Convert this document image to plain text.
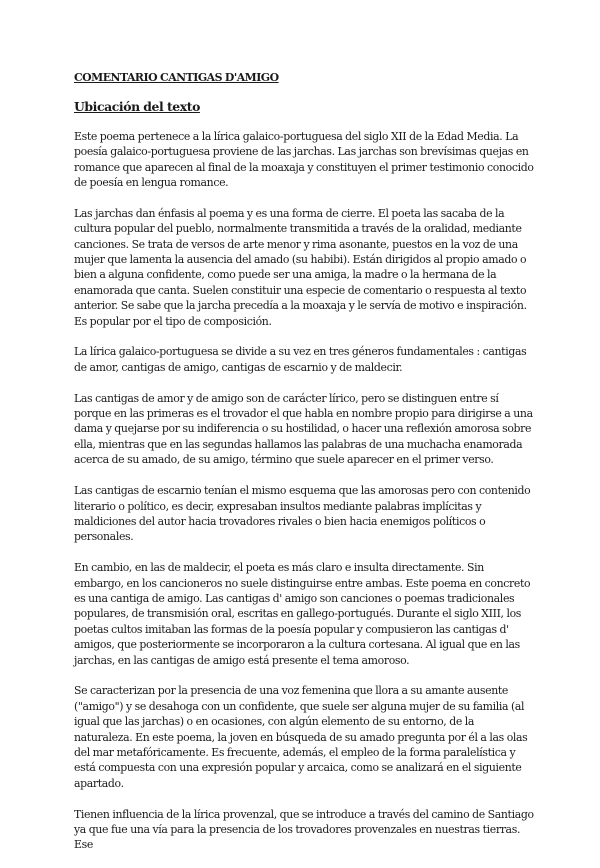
COMENTARIO CANTIGAS D'AMIGO
Ubicación del texto

Este poema pertenece a la lírica galaico-portuguesa del siglo XII de la Edad Media. La poesía galaico-portuguesa proviene de las jarchas. Las jarchas son brevísimas quejas en romance que aparecen al final de la moaxaja y constituyen el primer testimonio conocido de poesía en lengua romance.

Las jarchas dan énfasis al poema y es una forma de cierre. El poeta las sacaba de la cultura popular del pueblo, normalmente transmitida a través de la oralidad, mediante canciones. Se trata de versos de arte menor y rima asonante, puestos en la voz de una mujer que lamenta la ausencia del amado (su habibi). Están dirigidos al propio amado o bien a alguna confidente, como puede ser una amiga, la madre o la hermana de la enamorada que canta. Suelen constituir una especie de comentario o respuesta al texto anterior. Se sabe que la jarcha precedía a la moaxaja y le servía de motivo e inspiración. Es popular por el tipo de composición.

La lírica galaico-portuguesa se divide a su vez en tres géneros fundamentales : cantigas de amor, cantigas de amigo, cantigas de escarnio y de maldecir.

Las cantigas de amor y de amigo son de carácter lírico, pero se distinguen entre sí porque en las primeras es el trovador el que habla en nombre propio para dirigirse a una dama y quejarse por su indiferencia o su hostilidad, o hacer una reflexión amorosa sobre ella, mientras que en las segundas hallamos las palabras de una muchacha enamorada acerca de su amado, de su amigo, término que suele aparecer en el primer verso.

Las cantigas de escarnio tenían el mismo esquema que las amorosas pero con contenido literario o político, es decir, expresaban insultos mediante palabras implícitas y maldiciones del autor hacia trovadores rivales o bien hacia enemigos políticos o personales.

En cambio, en las de maldecir, el poeta es más claro e insulta directamente. Sin embargo, en los cancioneros no suele distinguirse entre ambas. Este poema en concreto es una cantiga de amigo. Las cantigas d' amigo son canciones o poemas tradicionales populares, de transmisión oral, escritas en gallego-portugués. Durante el siglo XIII, los poetas cultos imitaban las formas de la poesía popular y compusieron las cantigas d' amigos, que posteriormente se incorporaron a la cultura cortesana. Al igual que en las jarchas, en las cantigas de amigo está presente el tema amoroso.

Se caracterizan por la presencia de una voz femenina que llora a su amante ausente ("amigo") y se desahoga con un confidente, que suele ser alguna mujer de su familia (al igual que las jarchas) o en ocasiones, con algún elemento de su entorno, de la naturaleza. En este poema, la joven en búsqueda de su amado pregunta por él a las olas del mar metafóricamente. Es frecuente, además, el empleo de la forma paralelística y está compuesta con una expresión popular y arcaica, como se analizará en el siguiente apartado.

Tienen influencia de la lírica provenzal, que se introduce a través del camino de Santiago ya que fue una vía para la presencia de los trovadores provenzales en nuestras tierras. Ese
